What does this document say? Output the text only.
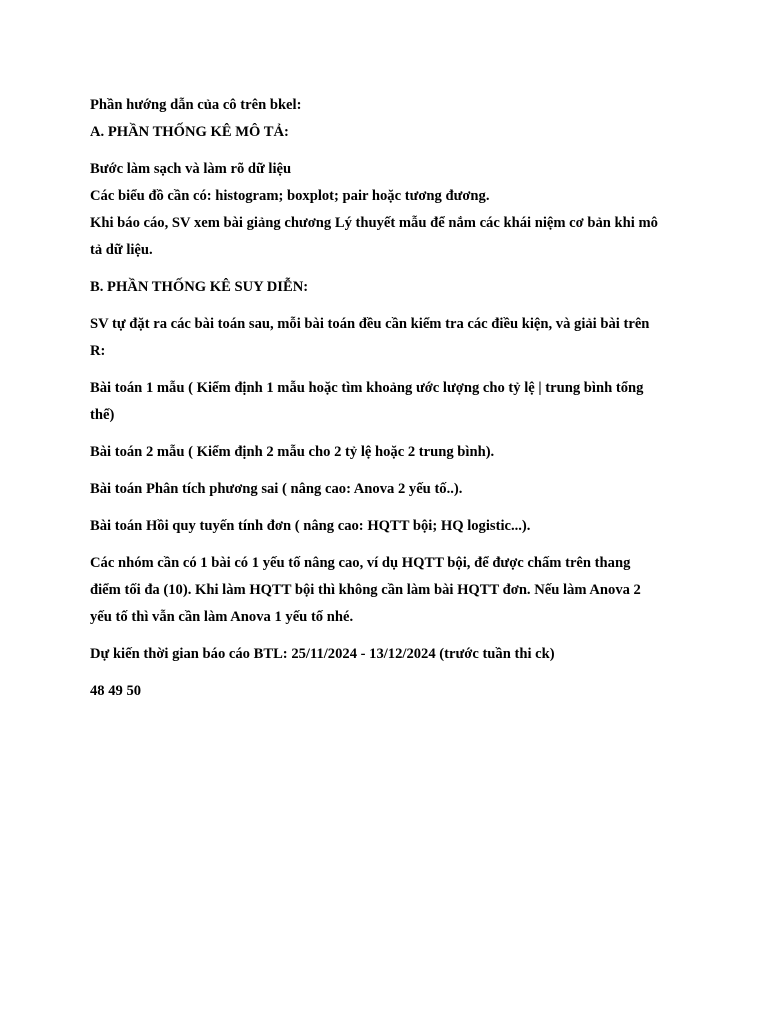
Phần hướng dẫn của cô trên bkel:

A. PHẦN THỐNG KÊ MÔ TẢ:

Bước làm sạch và làm rõ dữ liệu

Các biểu đồ cần có: histogram; boxplot; pair hoặc tương đương.

Khi báo cáo, SV xem bài giảng chương Lý thuyết mẫu để nắm các khái niệm cơ bản khi mô

tả dữ liệu.

B. PHẦN THỐNG KÊ SUY DIỄN:

SV tự đặt ra các bài toán sau, mỗi bài toán đều cần kiểm tra các điều kiện, và giải bài trên

R:

Bài toán 1 mẫu ( Kiểm định 1 mẫu hoặc tìm khoảng ước lượng cho tỷ lệ | trung bình tổng

thể)

Bài toán 2 mẫu ( Kiểm định 2 mẫu cho 2 tỷ lệ hoặc 2 trung bình).

Bài toán Phân tích phương sai ( nâng cao: Anova 2 yếu tố..).

Bài toán Hồi quy tuyến tính đơn ( nâng cao: HQTT bội; HQ logistic...).

Các nhóm cần có 1 bài có 1 yếu tố nâng cao, ví dụ HQTT bội, để được chấm trên thang

điểm tối đa (10). Khi làm HQTT bội thì không cần làm bài HQTT đơn. Nếu làm Anova 2

yếu tố thì vẫn cần làm Anova 1 yếu tố nhé.

Dự kiến thời gian báo cáo BTL: 25/11/2024 - 13/12/2024 (trước tuần thi ck)

48 49 50
